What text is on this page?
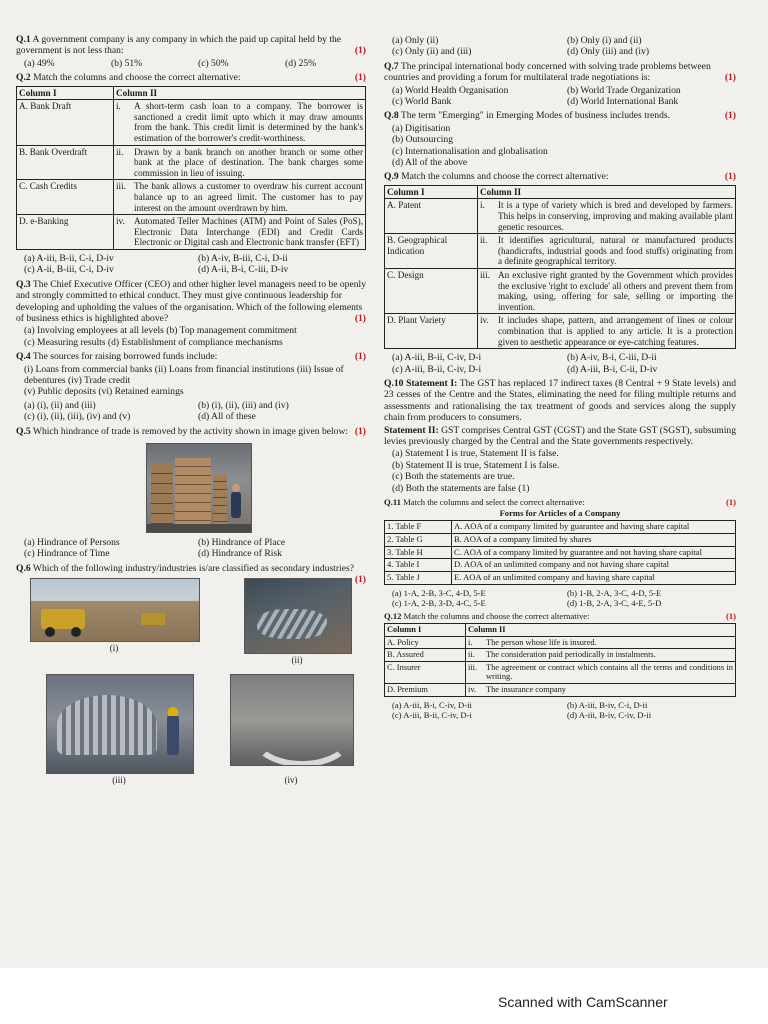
Q.1 A government company is any company in which the paid up capital held by the government is not less than:	(1)
(a) 49%	(b) 51%	(c) 50%	(d) 25%
Q.2 Match the columns and choose the correct alternative:	(1)
Column I	Column II	
A. Bank Draft	i.	A short-term cash loan to a company. The borrower is sanctioned a credit limit upto which it may draw amounts from the bank. This credit limit is determined by the bank's estimation of the borrower's credit-worthiness.
B. Bank Overdraft	ii.	Drawn by a bank branch on another branch or some other bank at the place of destination. The bank charges some commission in lieu of issuing.
C. Cash Credits	iii.	The bank allows a customer to overdraw his current account balance up to an agreed limit. The customer has to pay interest on the amount overdrawn by him.
D. e-Banking	iv.	Automated Teller Machines (ATM) and Point of Sales (PoS), Electronic Data Interchange (EDI) and Credit Cards Electronic or Digital cash and Electronic bank transfer (EFT)
(a) A-iii, B-ii, C-i, D-iv	(b) A-iv, B-iii, C-i, D-ii
(c) A-ii, B-iii, C-i, D-iv	(d) A-ii, B-i, C-iii, D-iv
Q.3 The Chief Executive Officer (CEO) and other higher level managers need to be openly and strongly committed to ethical conduct. They must give continuous leadership for developing and upholding the values of the organisation. Which of the following elements of business ethics is highlighted above?	(1)
(a) Involving employees at all levels (b) Top management commitment
(c) Measuring results (d) Establishment of compliance mechanisms
Q.4 The sources for raising borrowed funds include:	(1)
(i) Loans from commercial banks (ii) Loans from financial institutions (iii) Issue of debentures (iv) Trade credit
(v) Public deposits (vi) Retained earnings
(a) (i), (ii) and (iii)	(b) (i), (ii), (iii) and (iv)
(c) (i), (ii), (iii), (iv) and (v)	(d) All of these
Q.5 Which hindrance of trade is removed by the activity shown in image given below: (1)
(a) Hindrance of Persons	(b) Hindrance of Place
(c) Hindrance of Time	(d) Hindrance of Risk
Q.6 Which of the following industry/industries is/are classified as secondary industries?
(1)
(i)
(ii)
(iii)	(iv)
(a) Only (ii)	(b) Only (i) and (ii)
(c) Only (ii) and (iii)	(d) Only (iii) and (iv)
Q.7 The principal international body concerned with solving trade problems between countries and providing a forum for multilateral trade negotiations is:	(1)
(a) World Health Organisation	(b) World Trade Organization
(c) World Bank	(d) World International Bank
Q.8 The term "Emerging" in Emerging Modes of business includes trends.	(1)
(a) Digitisation
(b) Outsourcing
(c) Internationalisation and globalisation
(d) All of the above
Q.9 Match the columns and choose the correct alternative:	(1)
Column I	Column II	
A. Patent	i.	It is a type of variety which is bred and developed by farmers. This helps in conserving, improving and making available plant genetic resources.
B. Geographical Indication	ii.	It identifies agricultural, natural or manufactured products (handicrafts, industrial goods and food stuffs) originating from a definite geographical territory.
C. Design	iii.	An exclusive right granted by the Government which provides the exclusive 'right to exclude' all others and prevent them from making, using, offering for sale, selling or importing the invention.
D. Plant Variety	iv.	It includes shape, pattern, and arrangement of lines or colour combination that is applied to any article. It is a protection given to aesthetic appearance or eye-catching features.
(a) A-iii, B-ii, C-iv, D-i	(b) A-iv, B-i, C-iii, D-ii
(c) A-iii, B-ii, C-iv, D-i	(d) A-iii, B-i, C-ii, D-iv
Q.10 Statement I: The GST has replaced 17 indirect taxes (8 Central + 9 State levels) and 23 cesses of the Centre and the States, eliminating the need for filing multiple returns and assessments and rationalising the tax treatment of goods and services along the supply chain from producers to consumers.
Statement II: GST comprises Central GST (CGST) and the State GST (SGST), subsuming levies previously charged by the Central and the State governments respectively.
(a) Statement I is true, Statement II is false.
(b) Statement II is true, Statement I is false.
(c) Both the statements are true.
(d) Both the statements are false (1)
Q.11 Match the columns and select the correct alternative:	(1)
Forms for Articles of a Company
1. Table F	A. AOA of a company limited by guarantee and having share capital
2. Table G	B. AOA of a company limited by shares
3. Table H	C. AOA of a company limited by guarantee and not having share capital
4. Table I	D. AOA of an unlimited company and not having share capital
5. Table J	E. AOA of an unlimited company and having share capital
(a) 1-A, 2-B, 3-C, 4-D, 5-E	(b) 1-B, 2-A, 3-C, 4-D, 5-E
(c) 1-A, 2-B, 3-D, 4-C, 5-E	(d) 1-B, 2-A, 3-C, 4-E, 5-D
Q.12 Match the columns and choose the correct alternative:	(1)
Column I	Column II	
A. Policy	i.	The person whose life is insured.
B. Assured	ii.	The consideration paid periodically in instalments.
C. Insurer	iii.	The agreement or contract which contains all the terms and conditions in writing.
D. Premium	iv.	The insurance company
(a) A-iii, B-i, C-iv, D-ii	(b) A-iii, B-iv, C-i, D-ii
(c) A-iii, B-ii, C-iv, D-i	(d) A-iii, B-iv, C-iv, D-ii
Scanned with CamScanner
